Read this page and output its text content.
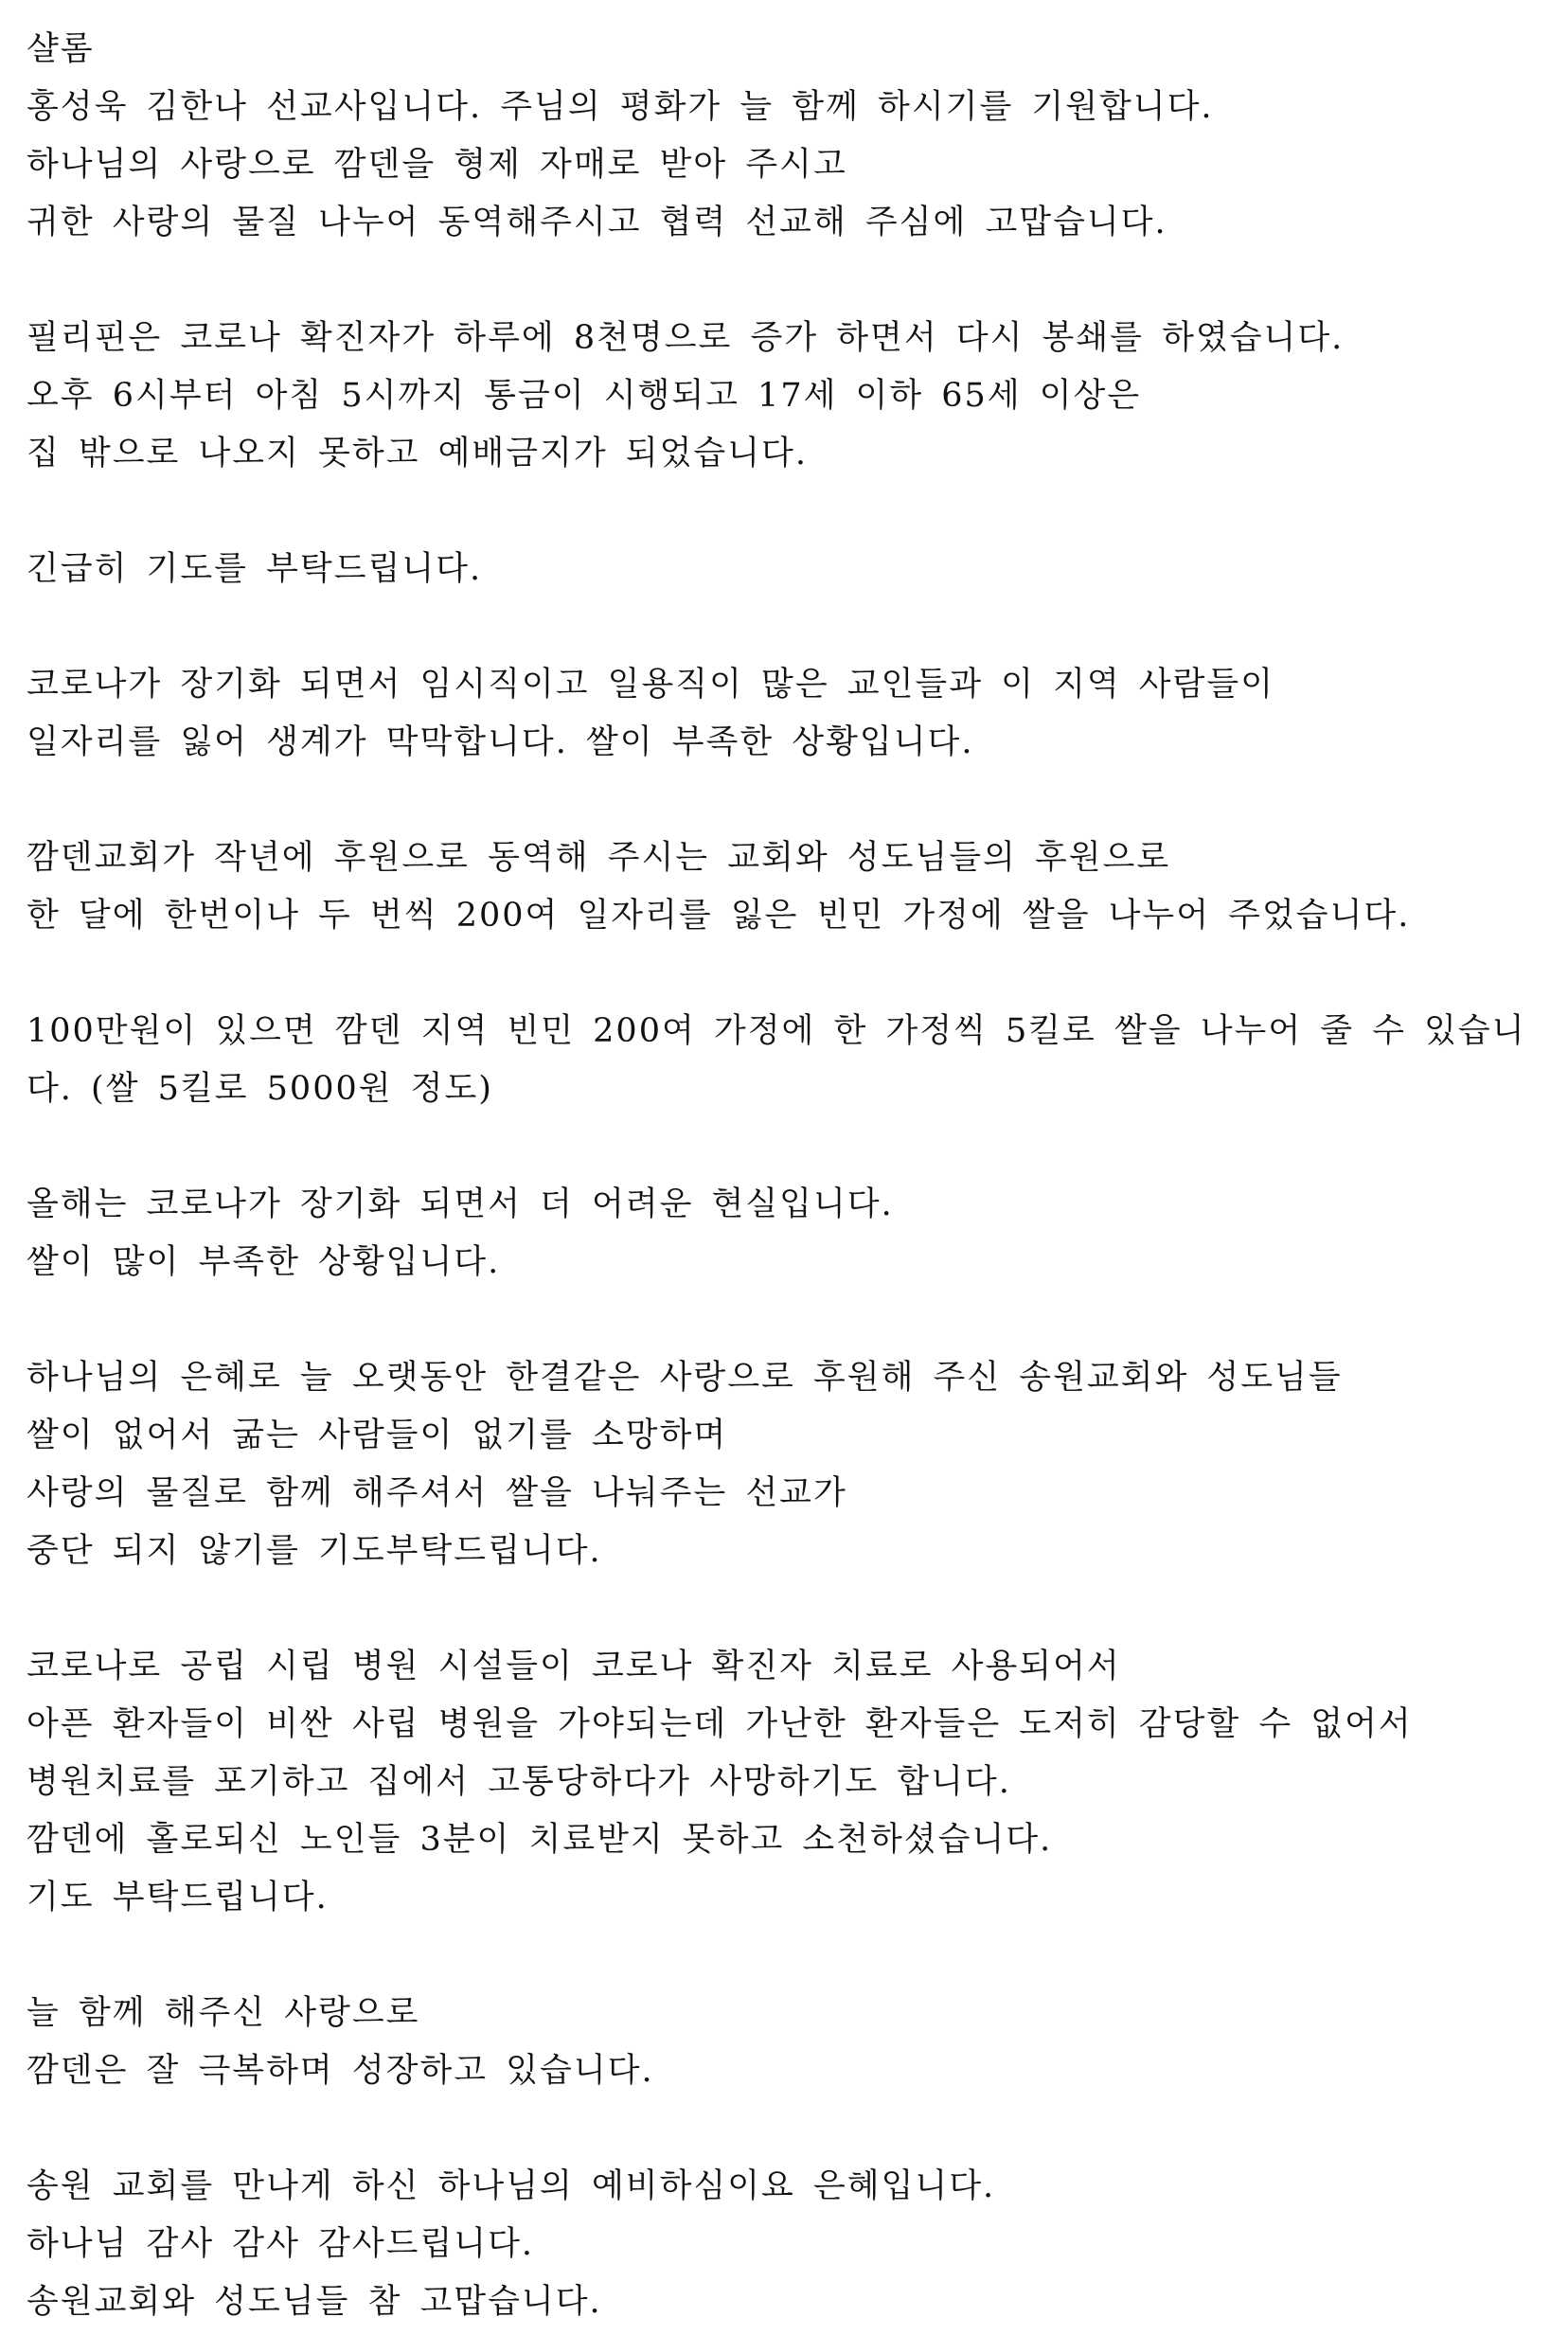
샬롬
홍성욱 김한나 선교사입니다. 주님의 평화가 늘 함께 하시기를 기원합니다.
하나님의 사랑으로 깜덴을 형제 자매로 받아 주시고
귀한 사랑의 물질 나누어 동역해주시고 협력 선교해 주심에 고맙습니다.
필리핀은 코로나 확진자가 하루에 8천명으로 증가 하면서 다시 봉쇄를 하였습니다.
오후 6시부터 아침 5시까지 통금이 시행되고 17세 이하 65세 이상은
집 밖으로 나오지 못하고 예배금지가 되었습니다.
긴급히 기도를 부탁드립니다.
코로나가 장기화 되면서 임시직이고 일용직이 많은 교인들과 이 지역 사람들이
일자리를 잃어 생계가 막막합니다. 쌀이 부족한 상황입니다.
깜덴교회가 작년에 후원으로 동역해 주시는 교회와 성도님들의 후원으로
한 달에 한번이나 두 번씩 200여 일자리를 잃은 빈민 가정에 쌀을 나누어 주었습니다.
100만원이 있으면 깜덴 지역 빈민 200여 가정에 한 가정씩 5킬로 쌀을 나누어 줄 수 있습니
다. (쌀 5킬로 5000원 정도)
올해는 코로나가 장기화 되면서 더 어려운 현실입니다.
쌀이 많이 부족한 상황입니다.
하나님의 은혜로 늘 오랫동안 한결같은 사랑으로 후원해 주신 송원교회와 성도님들
쌀이 없어서 굶는 사람들이 없기를 소망하며
사랑의 물질로 함께 해주셔서 쌀을 나눠주는 선교가
중단 되지 않기를 기도부탁드립니다.
코로나로 공립 시립 병원 시설들이 코로나 확진자 치료로 사용되어서
아픈 환자들이 비싼 사립 병원을 가야되는데 가난한 환자들은 도저히 감당할 수 없어서
병원치료를 포기하고 집에서 고통당하다가 사망하기도 합니다.
깜덴에 홀로되신 노인들 3분이 치료받지 못하고 소천하셨습니다.
기도 부탁드립니다.
늘 함께 해주신 사랑으로
깜덴은 잘 극복하며 성장하고 있습니다.
송원 교회를 만나게 하신 하나님의 예비하심이요 은혜입니다.
하나님 감사 감사 감사드립니다.
송원교회와 성도님들 참 고맙습니다.
